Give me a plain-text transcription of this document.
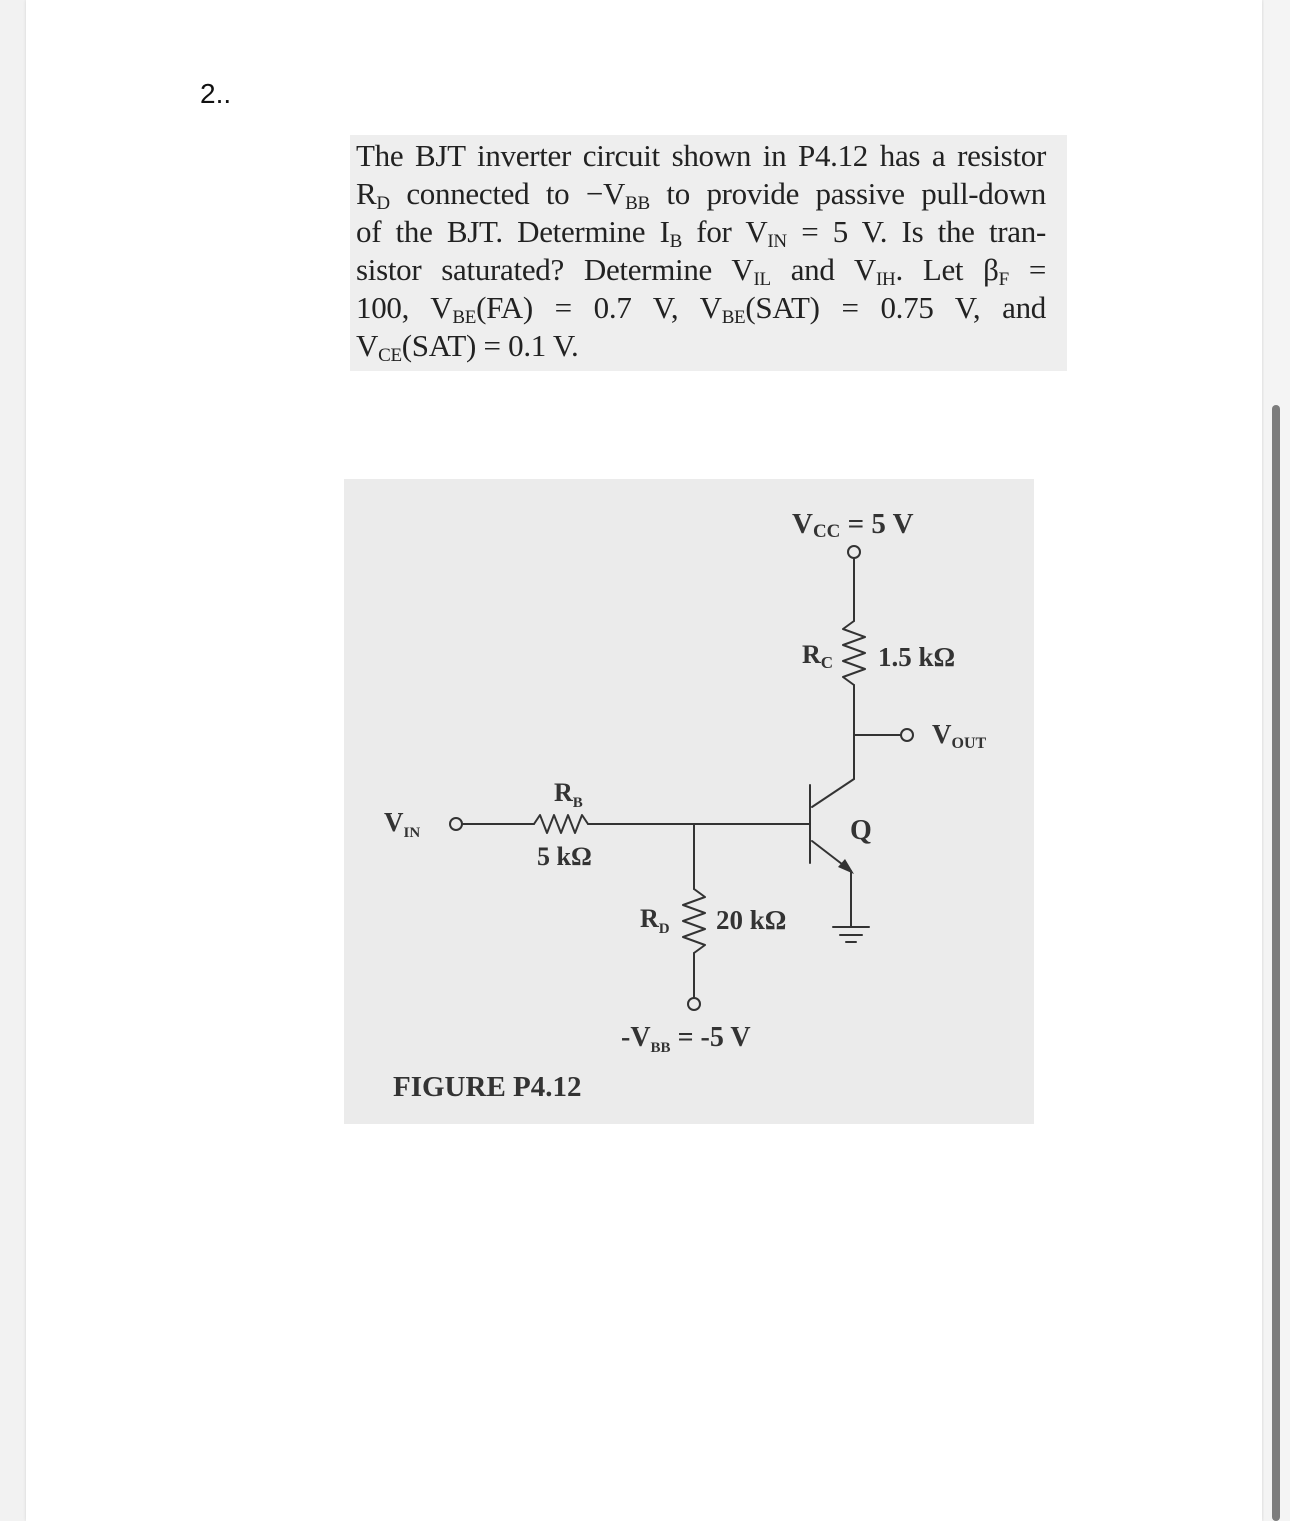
2..
The BJT inverter circuit shown in P4.12 has a resistor
$R_D$ connected to $-V_{BB}$ to provide passive pull-down
of the BJT. Determine $I_B$ for $V_{IN} = 5$ V. Is the tran-
sistor saturated? Determine $V_{IL}$ and $V_{IH}$. Let $\beta_F$ =
100, $V_{BE}(FA) = 0.7$ V, $V_{BE}(SAT) = 0.75$ V, and
$V_{CE}(SAT) = 0.1$ V.
VCC = 5 V
RC 1.5 kΩ
VOUT
$V_{IN}$
$R_B$
5 kΩ
Q
$R_D$ 20 kΩ
$-V_{BB} = -5$ V
FIGURE P4.12
